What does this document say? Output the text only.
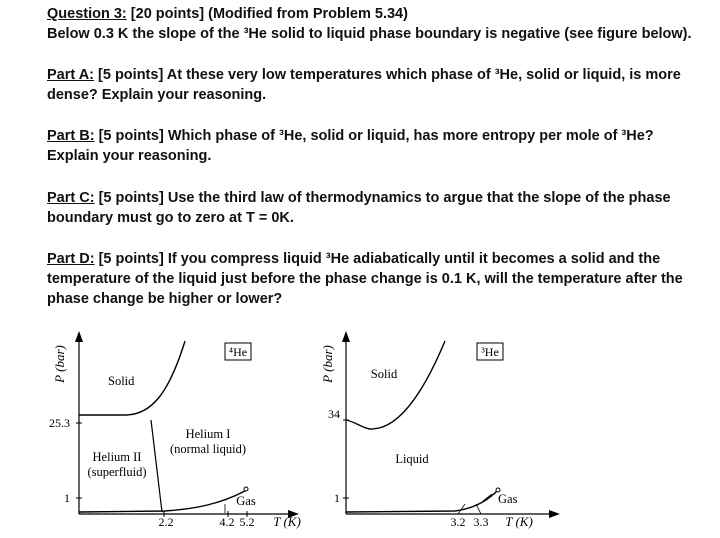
Question 3: [20 points] (Modified from Problem 5.34)
Below 0.3 K the slope of the ³He solid to liquid phase boundary is negative (see figure below).
Part A: [5 points] At these very low temperatures which phase of ³He, solid or liquid, is more dense? Explain your reasoning.
Part B: [5 points] Which phase of ³He, solid or liquid, has more entropy per mole of ³He? Explain your reasoning.
Part C: [5 points] Use the third law of thermodynamics to argue that the slope of the phase boundary must go to zero at T = 0K.
Part D: [5 points] If you compress liquid ³He adiabatically until it becomes a solid and the temperature of the liquid just before the phase change is 0.1 K, will the temperature after the phase change be higher or lower?
P (bar)
25.3
1
2.2	4.2 5.2 T (K)
⁴He
Solid
Helium I
(normal liquid)
Helium II
(superfluid)
Gas
P (bar)
34
1
3.2 3.3 T (K)
³He
Solid
Liquid
Gas
